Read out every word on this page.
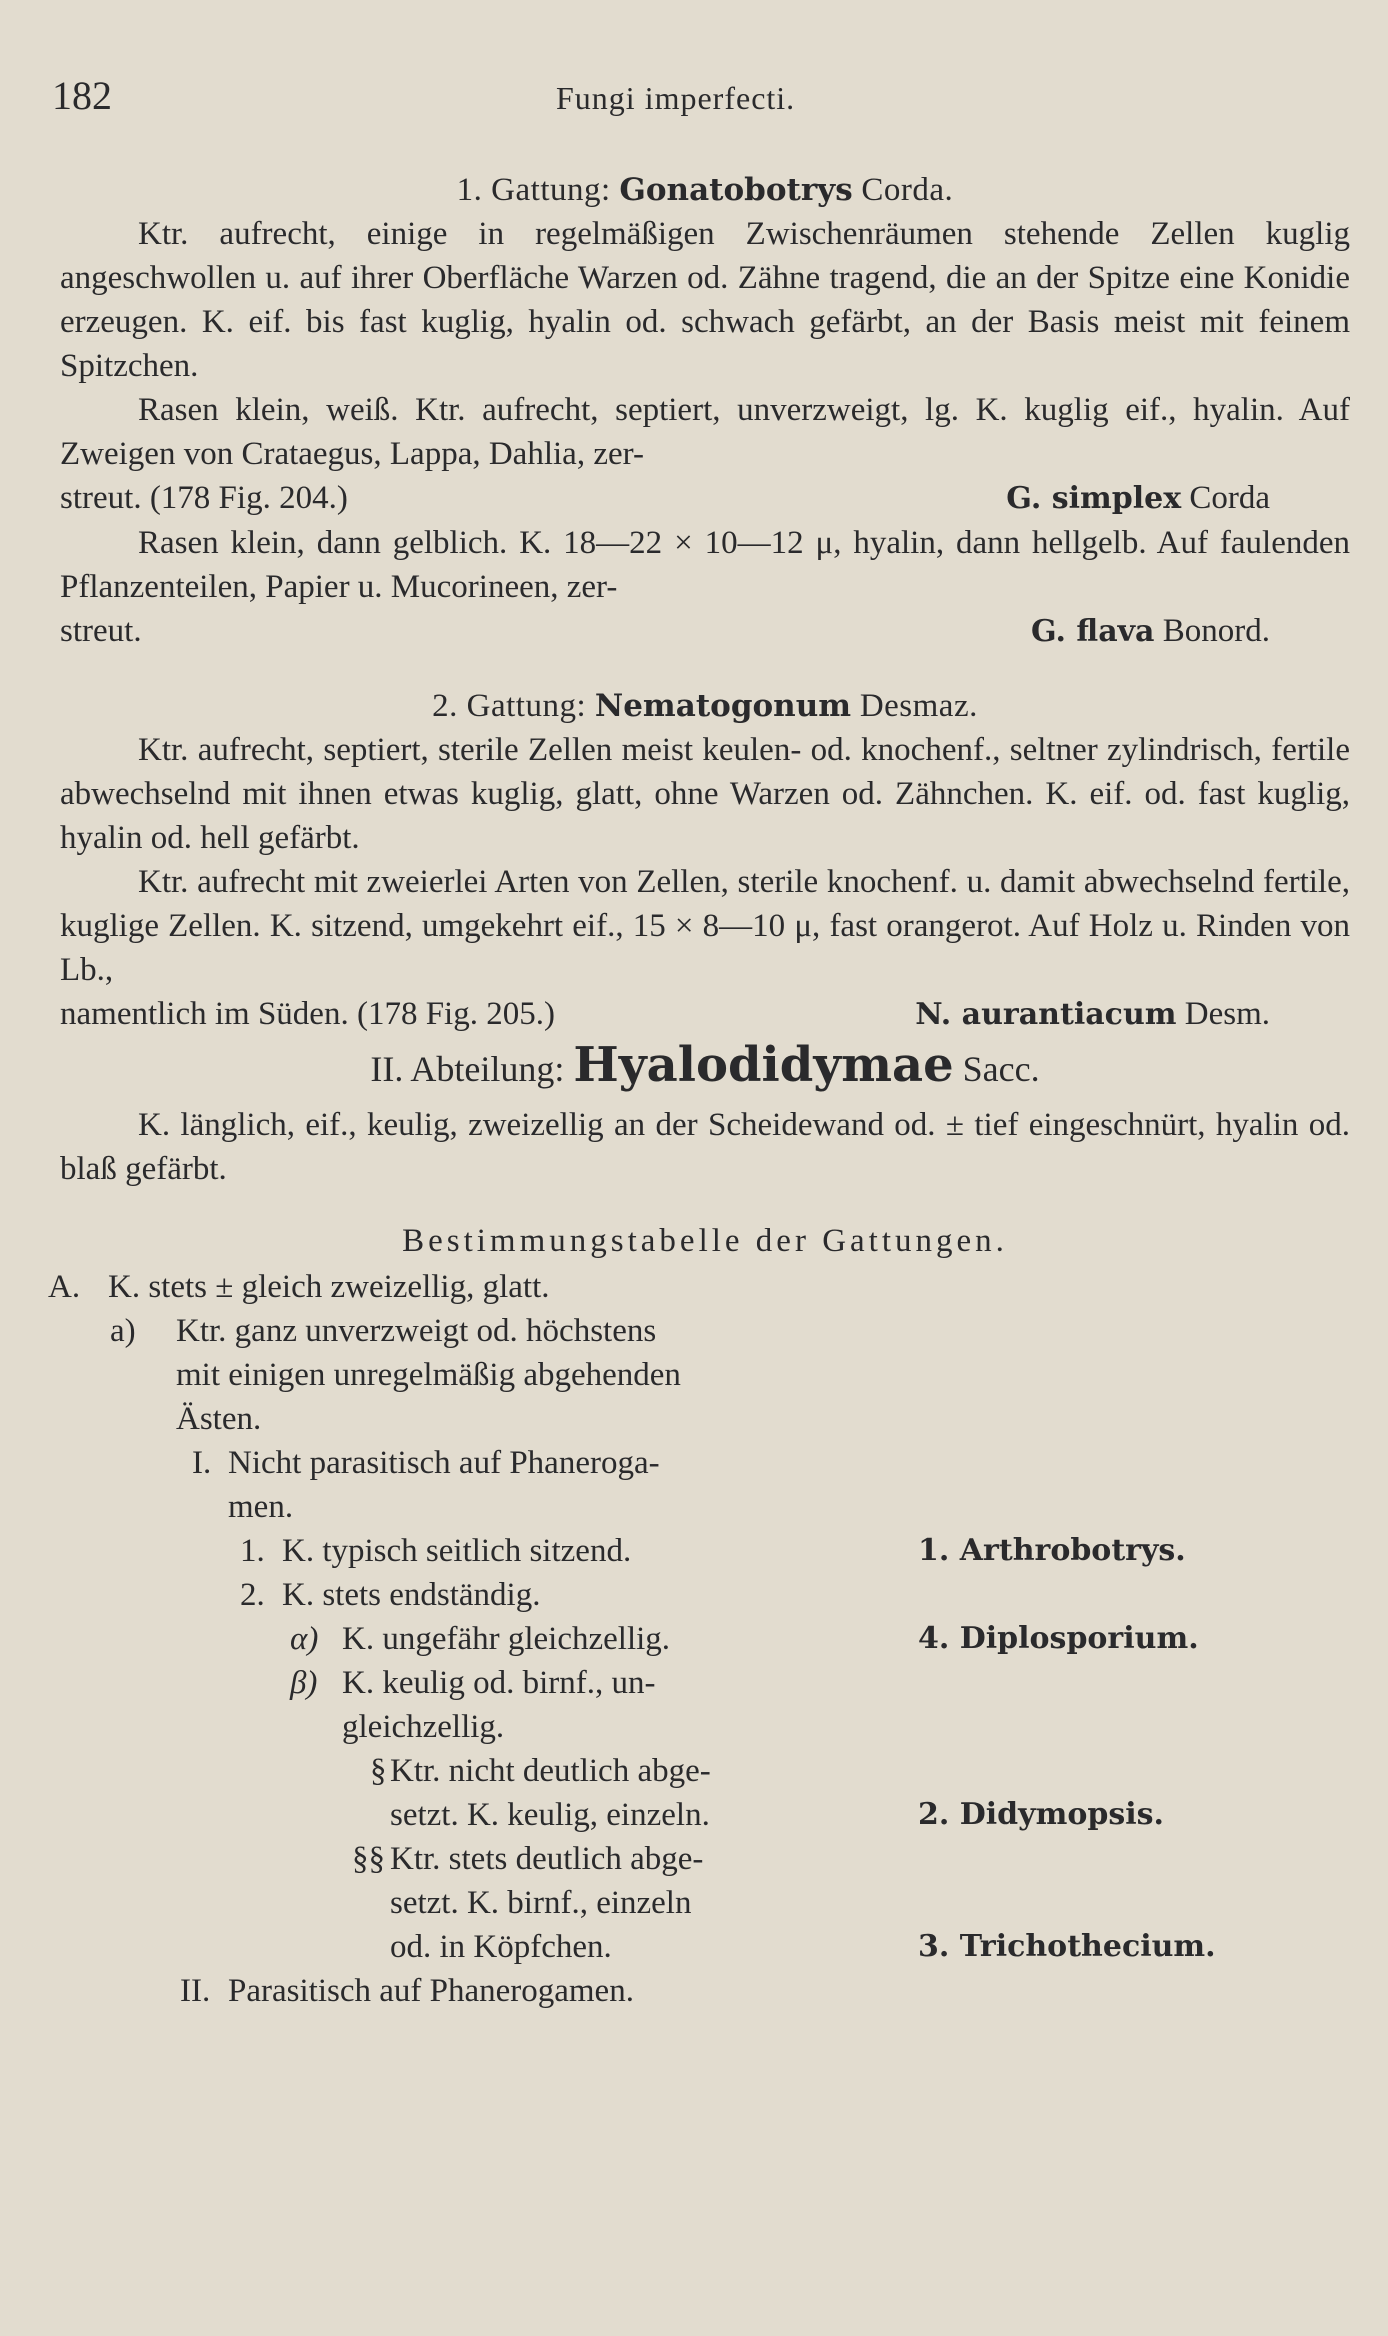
182	Fungi imperfecti.
1. Gattung: Gonatobotrys Corda.

Ktr. aufrecht, einige in regelmäßigen Zwischenräumen stehende Zellen kuglig angeschwollen u. auf ihrer Oberfläche Warzen od. Zähne tragend, die an der Spitze eine Konidie erzeugen. K. eif. bis fast kuglig, hyalin od. schwach gefärbt, an der Basis meist mit feinem Spitzchen.

Rasen klein, weiß. Ktr. aufrecht, septiert, unverzweigt, lg. K. kuglig eif., hyalin. Auf Zweigen von Crataegus, Lappa, Dahlia, zer-

streut. (178 Fig. 204.)	G. simplex Corda

Rasen klein, dann gelblich. K. 18—22 × 10—12 μ, hyalin, dann hellgelb. Auf faulenden Pflanzenteilen, Papier u. Mucorineen, zer-

streut.	G. flava Bonord.

2. Gattung: Nematogonum Desmaz.

Ktr. aufrecht, septiert, sterile Zellen meist keulen- od. knochenf., seltner zylindrisch, fertile abwechselnd mit ihnen etwas kuglig, glatt, ohne Warzen od. Zähnchen. K. eif. od. fast kuglig, hyalin od. hell gefärbt.

Ktr. aufrecht mit zweierlei Arten von Zellen, sterile knochenf. u. damit abwechselnd fertile, kuglige Zellen. K. sitzend, umgekehrt eif., 15 × 8—10 μ, fast orangerot. Auf Holz u. Rinden von Lb.,

namentlich im Süden. (178 Fig. 205.)	N. aurantiacum Desm.

II. Abteilung: Hyalodidymae Sacc.

K. länglich, eif., keulig, zweizellig an der Scheidewand od. ± tief eingeschnürt, hyalin od. blaß gefärbt.

Bestimmungstabelle der Gattungen.
A. K. stets ± gleich zweizellig, glatt.
a) Ktr. ganz unverzweigt od. höchstens
mit einigen unregelmäßig abgehenden
Ästen.
I. Nicht parasitisch auf Phaneroga-
men.
1. K. typisch seitlich sitzend.	1. Arthrobotrys.
2. K. stets endständig.
α) K. ungefähr gleichzellig.	4. Diplosporium.
β) K. keulig od. birnf., un-
gleichzellig.
§ Ktr. nicht deutlich abge-
setzt. K. keulig, einzeln.	2. Didymopsis.
§§ Ktr. stets deutlich abge-
setzt. K. birnf., einzeln
od. in Köpfchen.	3. Trichothecium.
II. Parasitisch auf Phanerogamen.
